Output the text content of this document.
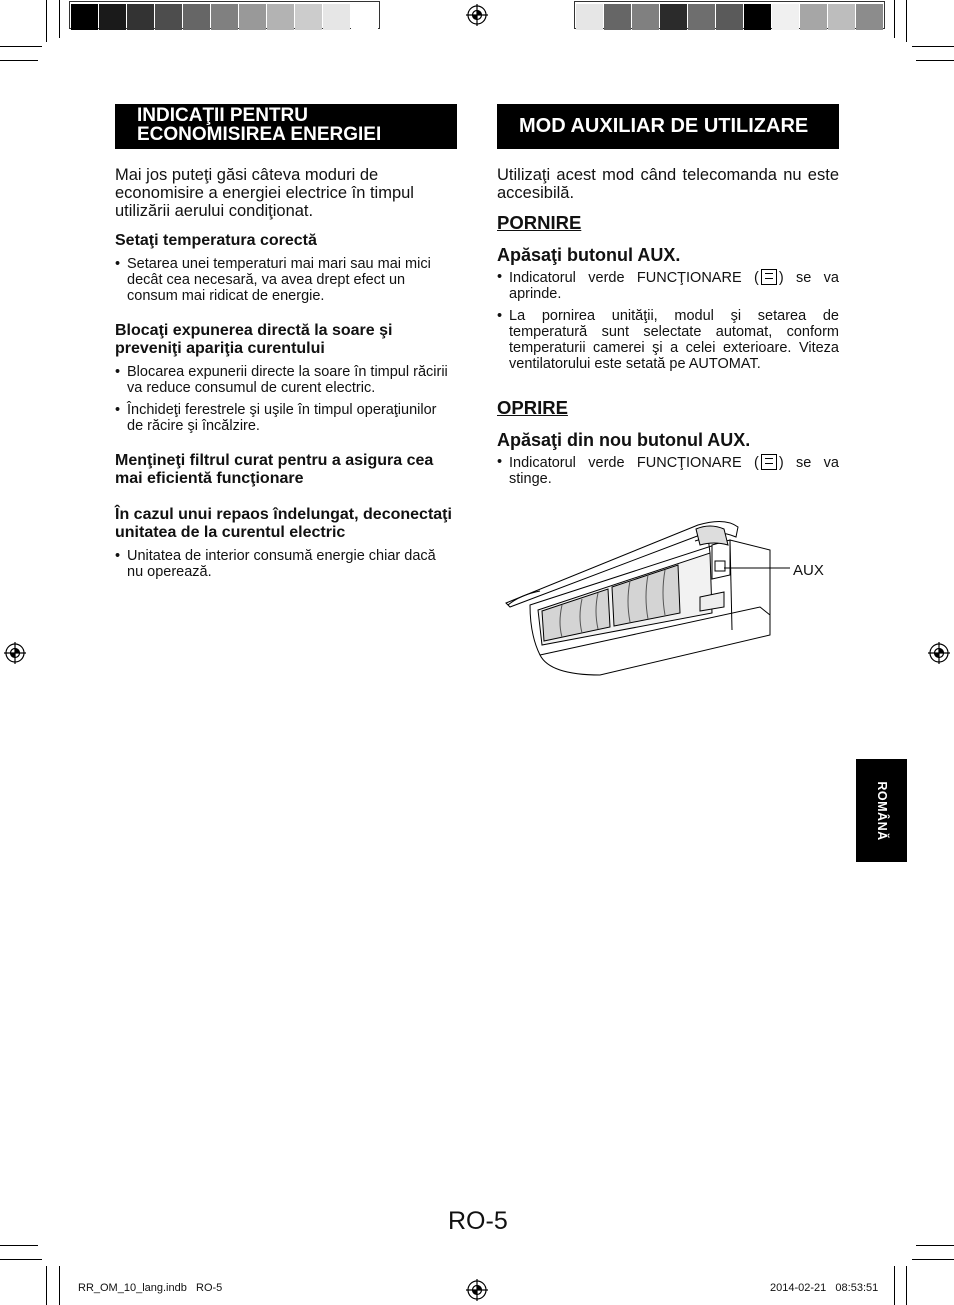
INDICAŢII PENTRU ECONOMISIREA ENERGIEI
Mai jos puteţi găsi câteva moduri de economisire a energiei electrice în timpul utilizării aerului condiţionat.
Setaţi temperatura corectă
• Setarea unei temperaturi mai mari sau mai mici decât cea necesară, va avea drept efect un consum mai ridicat de energie.
Blocaţi expunerea directă la soare şi preveniţi apariţia curentului
• Blocarea expunerii directe la soare în timpul răcirii va reduce consumul de curent electric.
• Închideţi ferestrele şi uşile în timpul operaţiunilor de răcire şi încălzire.
Menţineţi filtrul curat pentru a asigura cea mai eficientă funcţionare
În cazul unui repaos îndelungat, deconectaţi unitatea de la curentul electric
• Unitatea de interior consumă energie chiar dacă nu operează.
MOD AUXILIAR DE UTILIZARE
Utilizaţi acest mod când telecomanda nu este accesibilă.
PORNIRE
Apăsaţi butonul AUX.
• Indicatorul verde FUNCŢIONARE ( ) se va aprinde.
• La pornirea unităţii, modul şi setarea de temperatură sunt selectate automat, conform temperaturii camerei şi a celei exterioare. Viteza ventilatorului este setată pe AUTOMAT.
OPRIRE
Apăsaţi din nou butonul AUX.
• Indicatorul verde FUNCŢIONARE ( ) se va stinge.
AUX
ROMÂNĂ
RO-5
RR_OM_10_lang.indb   RO-5	2014-02-21   08:53:51
